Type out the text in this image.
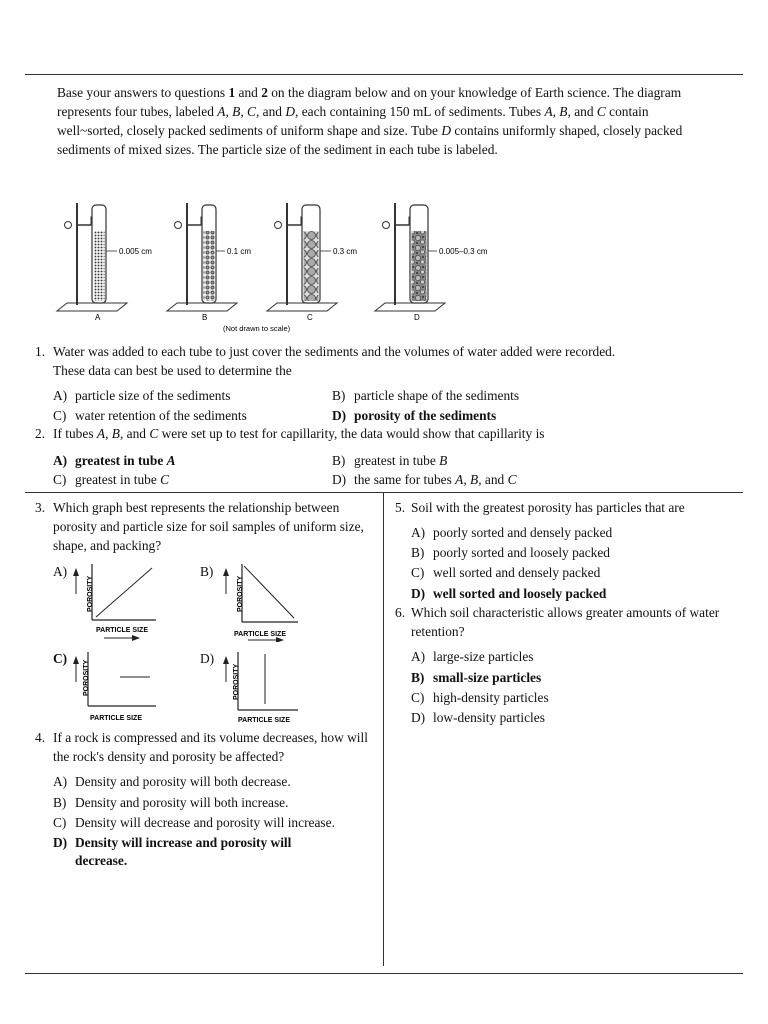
Base your answers to questions 1 and 2 on the diagram below and on your knowledge of Earth science. The diagram represents four tubes, labeled A, B, C, and D, each containing 150 mL of sediments. Tubes A, B, and C contain well~sorted, closely packed sediments of uniform shape and size. Tube D contains uniformly shaped, closely packed sediments of mixed sizes. The particle size of the sediment in each tube is labeled.
0.005 cm	0.1 cm	0.3 cm	0.005–0.3 cm
A	B	C	D
(Not drawn to scale)
1. Water was added to each tube to just cover the sediments and the volumes of water added were recorded. These data can best be used to determine the
A) particle size of the sediments	B) particle shape of the sediments
C) water retention of the sediments	D) porosity of the sediments
2. If tubes A, B, and C were set up to test for capillarity, the data would show that capillarity is
A) greatest in tube A	B) greatest in tube B
C) greatest in tube C	D) the same for tubes A, B, and C
3. Which graph best represents the relationship between porosity and particle size for soil samples of uniform size, shape, and packing?
A)	B)
C)	D)
POROSITY
PARTICLE SIZE
POROSITY
PARTICLE SIZE
POROSITY
PARTICLE SIZE
POROSITY
PARTICLE SIZE
4. If a rock is compressed and its volume decreases, how will the rock's density and porosity be affected?
A) Density and porosity will both decrease.
B) Density and porosity will both increase.
C) Density will decrease and porosity will increase.
D) Density will increase and porosity will decrease.
5. Soil with the greatest porosity has particles that are
A) poorly sorted and densely packed
B) poorly sorted and loosely packed
C) well sorted and densely packed
D) well sorted and loosely packed
6. Which soil characteristic allows greater amounts of water retention?
A) large-size particles
B) small-size particles
C) high-density particles
D) low-density particles
